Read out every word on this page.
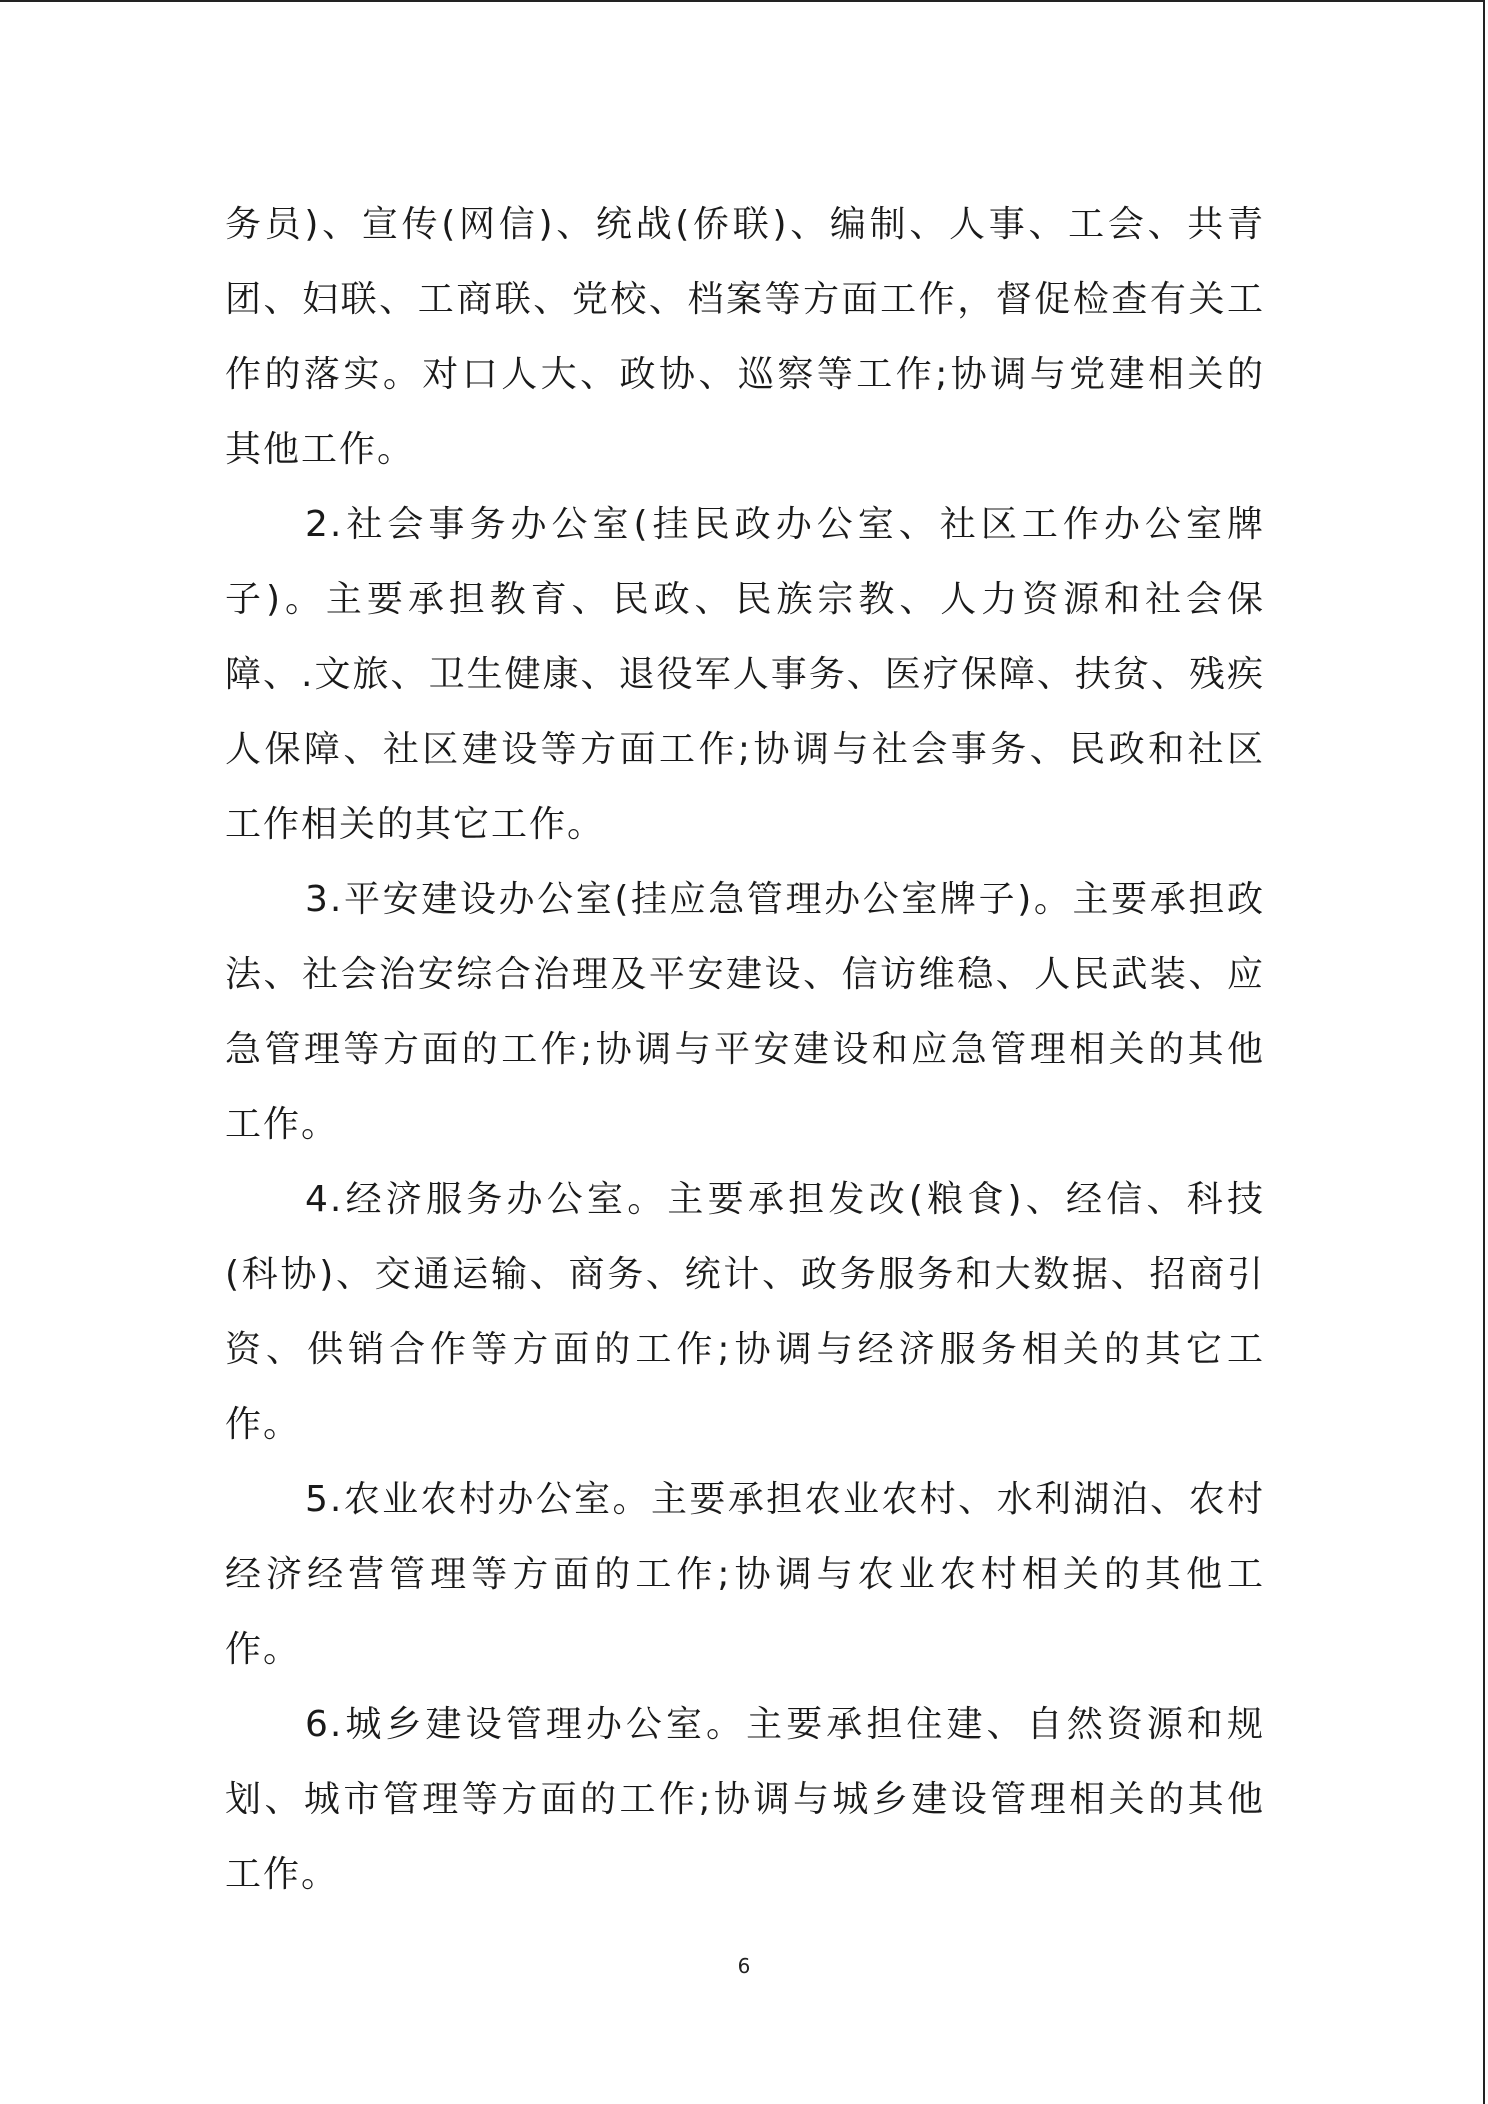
务员)、宣传(网信)、统战(侨联)、编制、人事、工会、共青团、妇联、工商联、党校、档案等方面工作，督促检查有关工作的落实。对口人大、政协、巡察等工作;协调与党建相关的其他工作。

2.社会事务办公室(挂民政办公室、社区工作办公室牌子)。主要承担教育、民政、民族宗教、人力资源和社会保障、.文旅、卫生健康、退役军人事务、医疗保障、扶贫、残疾人保障、社区建设等方面工作;协调与社会事务、民政和社区工作相关的其它工作。

3.平安建设办公室(挂应急管理办公室牌子)。主要承担政法、社会治安综合治理及平安建设、信访维稳、人民武装、应急管理等方面的工作;协调与平安建设和应急管理相关的其他工作。

4.经济服务办公室。主要承担发改(粮食)、经信、科技(科协)、交通运输、商务、统计、政务服务和大数据、招商引资、供销合作等方面的工作;协调与经济服务相关的其它工作。

5.农业农村办公室。主要承担农业农村、水利湖泊、农村经济经营管理等方面的工作;协调与农业农村相关的其他工作。

6.城乡建设管理办公室。主要承担住建、自然资源和规划、城市管理等方面的工作;协调与城乡建设管理相关的其他工作。

6
